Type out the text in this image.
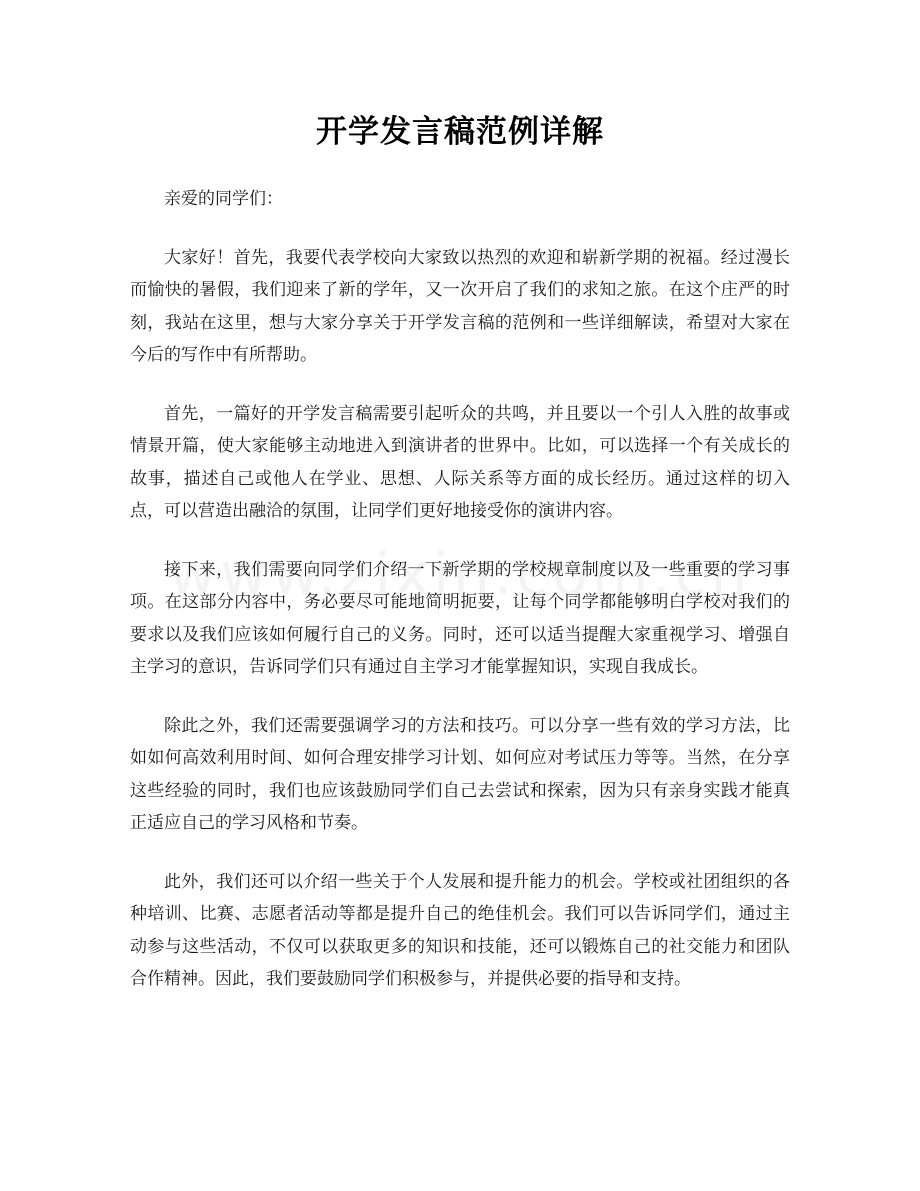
开学发言稿范例详解

亲爱的同学们：

大家好！首先，我要代表学校向大家致以热烈的欢迎和崭新学期的祝福。经过漫长而愉快的暑假，我们迎来了新的学年，又一次开启了我们的求知之旅。在这个庄严的时刻，我站在这里，想与大家分享关于开学发言稿的范例和一些详细解读，希望对大家在今后的写作中有所帮助。

首先，一篇好的开学发言稿需要引起听众的共鸣，并且要以一个引人入胜的故事或情景开篇，使大家能够主动地进入到演讲者的世界中。比如，可以选择一个有关成长的故事，描述自己或他人在学业、思想、人际关系等方面的成长经历。通过这样的切入点，可以营造出融洽的氛围，让同学们更好地接受你的演讲内容。

接下来，我们需要向同学们介绍一下新学期的学校规章制度以及一些重要的学习事项。在这部分内容中，务必要尽可能地简明扼要，让每个同学都能够明白学校对我们的要求以及我们应该如何履行自己的义务。同时，还可以适当提醒大家重视学习、增强自主学习的意识，告诉同学们只有通过自主学习才能掌握知识，实现自我成长。

除此之外，我们还需要强调学习的方法和技巧。可以分享一些有效的学习方法，比如如何高效利用时间、如何合理安排学习计划、如何应对考试压力等等。当然，在分享这些经验的同时，我们也应该鼓励同学们自己去尝试和探索，因为只有亲身实践才能真正适应自己的学习风格和节奏。

此外，我们还可以介绍一些关于个人发展和提升能力的机会。学校或社团组织的各种培训、比赛、志愿者活动等都是提升自己的绝佳机会。我们可以告诉同学们，通过主动参与这些活动，不仅可以获取更多的知识和技能，还可以锻炼自己的社交能力和团队合作精神。因此，我们要鼓励同学们积极参与，并提供必要的指导和支持。
